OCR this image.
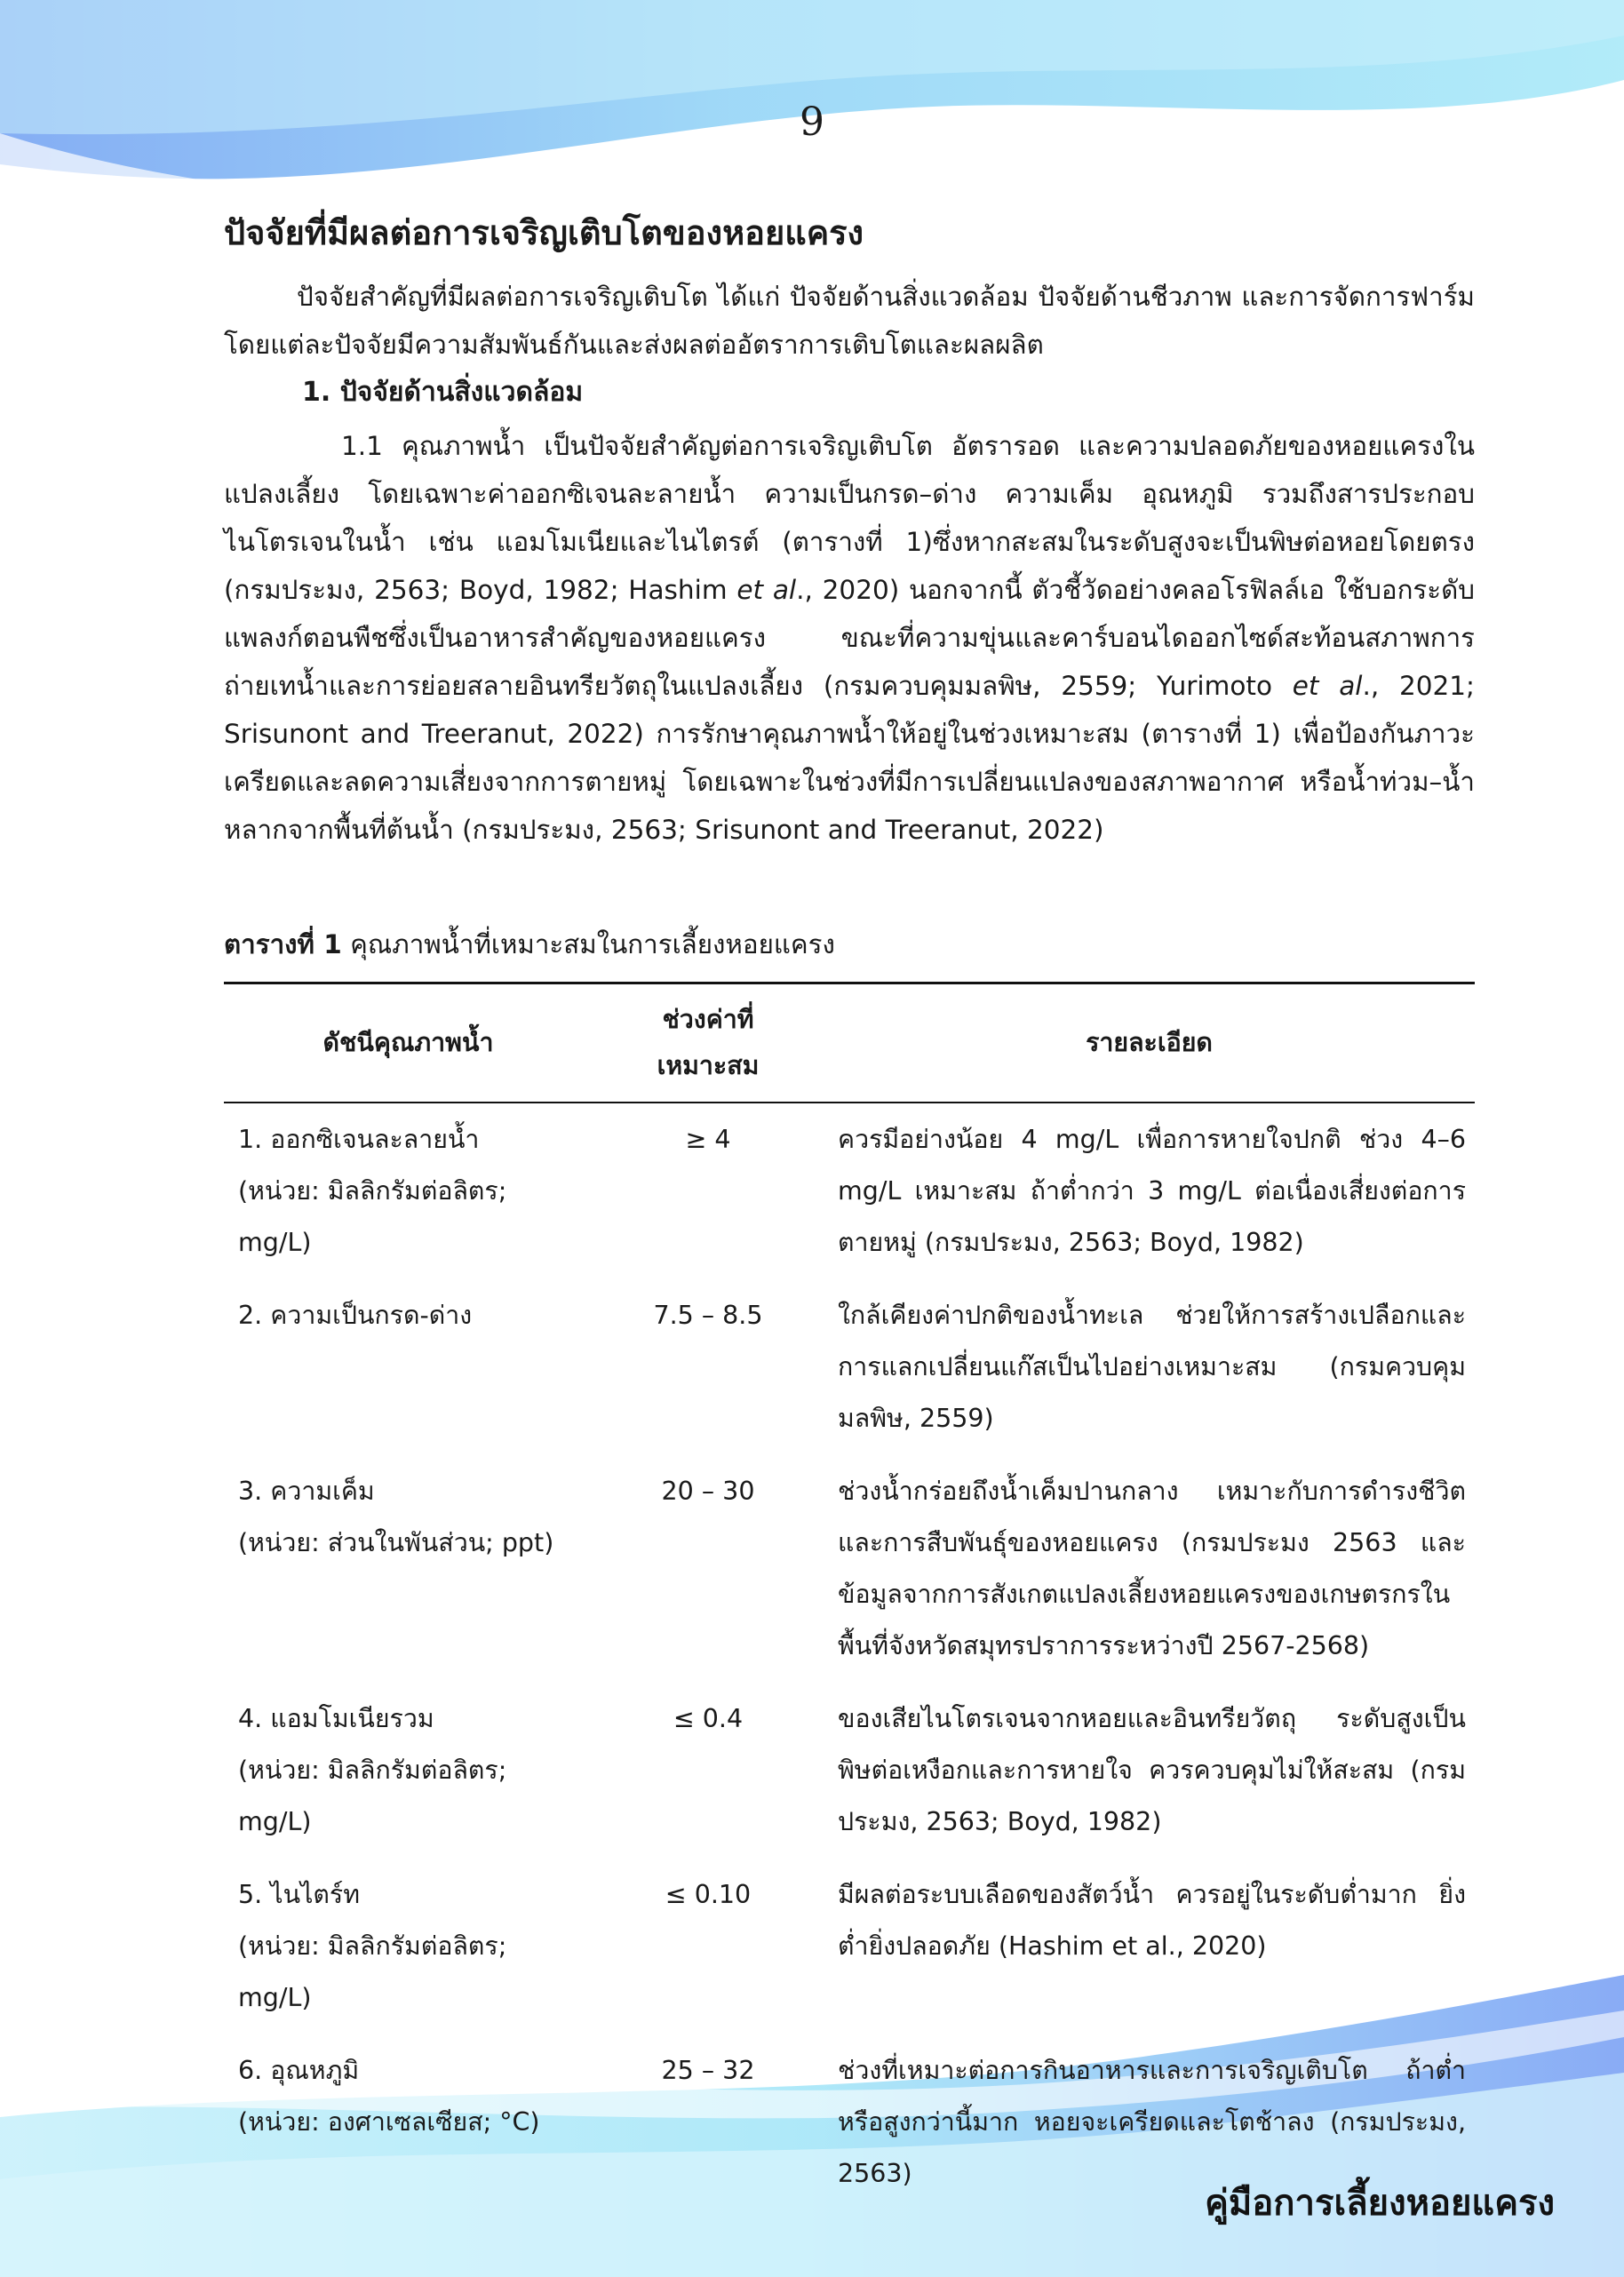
9
ปัจจัยที่มีผลต่อการเจริญเติบโตของหอยแครง

ปัจจัยสำคัญที่มีผลต่อการเจริญเติบโต ได้แก่ ปัจจัยด้านสิ่งแวดล้อม ปัจจัยด้านชีวภาพ และการจัดการฟาร์ม โดยแต่ละปัจจัยมีความสัมพันธ์กันและส่งผลต่ออัตราการเติบโตและผลผลิต

1. ปัจจัยด้านสิ่งแวดล้อม

1.1 คุณภาพน้ำ เป็นปัจจัยสำคัญต่อการเจริญเติบโต อัตรารอด และความปลอดภัยของหอยแครงในแปลงเลี้ยง โดยเฉพาะค่าออกซิเจนละลายน้ำ ความเป็นกรด–ด่าง ความเค็ม อุณหภูมิ รวมถึงสารประกอบไนโตรเจนในน้ำ เช่น แอมโมเนียและไนไตรต์ (ตารางที่ 1)ซึ่งหากสะสมในระดับสูงจะเป็นพิษต่อหอยโดยตรง (กรมประมง, 2563; Boyd, 1982; Hashim et al., 2020) นอกจากนี้ ตัวชี้วัดอย่างคลอโรฟิลล์เอ ใช้บอกระดับแพลงก์ตอนพืชซึ่งเป็นอาหารสำคัญของหอยแครง ขณะที่ความขุ่นและคาร์บอนไดออกไซด์สะท้อนสภาพการถ่ายเทน้ำและการย่อยสลายอินทรียวัตถุในแปลงเลี้ยง (กรมควบคุมมลพิษ, 2559; Yurimoto et al., 2021; Srisunont and Treeranut, 2022) การรักษาคุณภาพน้ำให้อยู่ในช่วงเหมาะสม (ตารางที่ 1) เพื่อป้องกันภาวะเครียดและลดความเสี่ยงจากการตายหมู่ โดยเฉพาะในช่วงที่มีการเปลี่ยนแปลงของสภาพอากาศ หรือน้ำท่วม–น้ำหลากจากพื้นที่ต้นน้ำ (กรมประมง, 2563; Srisunont and Treeranut, 2022)

ตารางที่ 1 คุณภาพน้ำที่เหมาะสมในการเลี้ยงหอยแครง
ดัชนีคุณภาพน้ำ	ช่วงค่าที่
เหมาะสม	รายละเอียด

1. ออกซิเจนละลายน้ำ
(หน่วย: มิลลิกรัมต่อลิตร; mg/L)	≥ 4	ควรมีอย่างน้อย 4 mg/L เพื่อการหายใจปกติ ช่วง 4–6 mg/L เหมาะสม ถ้าต่ำกว่า 3 mg/L ต่อเนื่องเสี่ยงต่อการตายหมู่ (กรมประมง, 2563; Boyd, 1982)

2. ความเป็นกรด-ด่าง	7.5 – 8.5	ใกล้เคียงค่าปกติของน้ำทะเล ช่วยให้การสร้างเปลือกและการแลกเปลี่ยนแก๊สเป็นไปอย่างเหมาะสม (กรมควบคุมมลพิษ, 2559)

3. ความเค็ม
(หน่วย: ส่วนในพันส่วน; ppt)	20 – 30	ช่วงน้ำกร่อยถึงน้ำเค็มปานกลาง เหมาะกับการดำรงชีวิตและการสืบพันธุ์ของหอยแครง (กรมประมง 2563 และข้อมูลจากการสังเกตแปลงเลี้ยงหอยแครงของเกษตรกรในพื้นที่จังหวัดสมุทรปราการระหว่างปี 2567-2568)

4. แอมโมเนียรวม
(หน่วย: มิลลิกรัมต่อลิตร; mg/L)	≤ 0.4	ของเสียไนโตรเจนจากหอยและอินทรียวัตถุ ระดับสูงเป็นพิษต่อเหงือกและการหายใจ ควรควบคุมไม่ให้สะสม (กรมประมง, 2563; Boyd, 1982)

5. ไนไตร์ท
(หน่วย: มิลลิกรัมต่อลิตร; mg/L)	≤ 0.10	มีผลต่อระบบเลือดของสัตว์น้ำ ควรอยู่ในระดับต่ำมาก ยิ่งต่ำยิ่งปลอดภัย (Hashim et al., 2020)

6. อุณหภูมิ
(หน่วย: องศาเซลเซียส; °C)	25 – 32	ช่วงที่เหมาะต่อการกินอาหารและการเจริญเติบโต ถ้าต่ำหรือสูงกว่านี้มาก หอยจะเครียดและโตช้าลง (กรมประมง, 2563)
คู่มือการเลี้ยงหอยแครง
